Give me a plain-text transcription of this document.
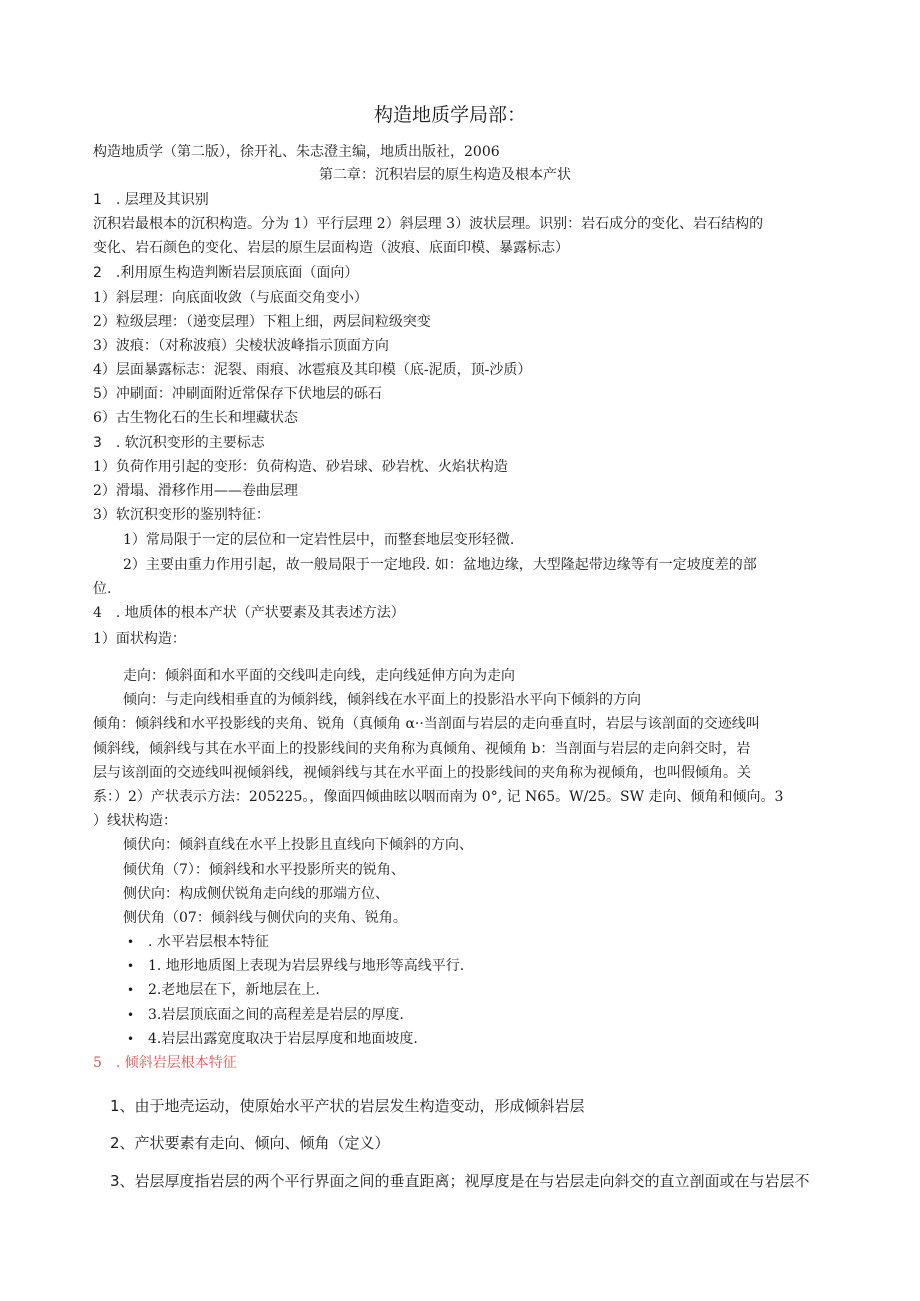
构造地质学局部：
构造地质学（第二版），徐开礼、朱志澄主编，地质出版社，2006
第二章：沉积岩层的原生构造及根本产状
1　. 层理及其识别
沉积岩最根本的沉积构造。分为 1）平行层理 2）斜层理 3）波状层理。识别：岩石成分的变化、岩石结构的
变化、岩石颜色的变化、岩层的原生层面构造（波痕、底面印模、暴露标志）
2　.利用原生构造判断岩层顶底面（面向）
1）斜层理：向底面收敛（与底面交角变小）
2）粒级层理：（递变层理）下粗上细，两层间粒级突变
3）波痕：（对称波痕）尖棱状波峰指示顶面方向
4）层面暴露标志：泥裂、雨痕、冰雹痕及其印模（底-泥质，顶-沙质）
5）冲刷面：冲刷面附近常保存下伏地层的砾石
6）古生物化石的生长和埋藏状态
3　. 软沉积变形的主要标志
1）负荷作用引起的变形：负荷构造、砂岩球、砂岩枕、火焰状构造
2）滑塌、滑移作用——卷曲层理
3）软沉积变形的鉴别特征：
1）常局限于一定的层位和一定岩性层中，而整套地层变形轻微.
2）主要由重力作用引起，故一般局限于一定地段. 如：盆地边缘，大型隆起带边缘等有一定坡度差的部
位.
4　. 地质体的根本产状（产状要素及其表述方法）
1）面状构造：
走向：倾斜面和水平面的交线叫走向线，走向线延伸方向为走向
倾向：与走向线相垂直的为倾斜线，倾斜线在水平面上的投影沿水平向下倾斜的方向
倾角：倾斜线和水平投影线的夹角、锐角（真倾角 α··当剖面与岩层的走向垂直时，岩层与该剖面的交迹线叫
倾斜线，倾斜线与其在水平面上的投影线间的夹角称为真倾角、视倾角 b：当剖面与岩层的走向斜交时，岩
层与该剖面的交迹线叫视倾斜线，视倾斜线与其在水平面上的投影线间的夹角称为视倾角，也叫假倾角。关
系：）2）产状表示方法：205225。，像面四倾曲眩以咽而南为 0°, 记 N65。W/25。SW 走向、倾角和倾向。3
）线状构造：
倾伏向：倾斜直线在水平上投影且直线向下倾斜的方向、
倾伏角（7）：倾斜线和水平投影所夹的锐角、
侧伏向：构成侧伏锐角走向线的那端方位、
侧伏角（07：倾斜线与侧伏向的夹角、锐角。
• . 水平岩层根本特征
• 1. 地形地质图上表现为岩层界线与地形等高线平行.
• 2.老地层在下，新地层在上.
• 3.岩层顶底面之间的高程差是岩层的厚度.
• 4.岩层出露宽度取决于岩层厚度和地面坡度.
5　. 倾斜岩层根本特征
1、由于地壳运动，使原始水平产状的岩层发生构造变动，形成倾斜岩层
2、产状要素有走向、倾向、倾角（定义）
3、岩层厚度指岩层的两个平行界面之间的垂直距离；视厚度是在与岩层走向斜交的直立剖面或在与岩层不
